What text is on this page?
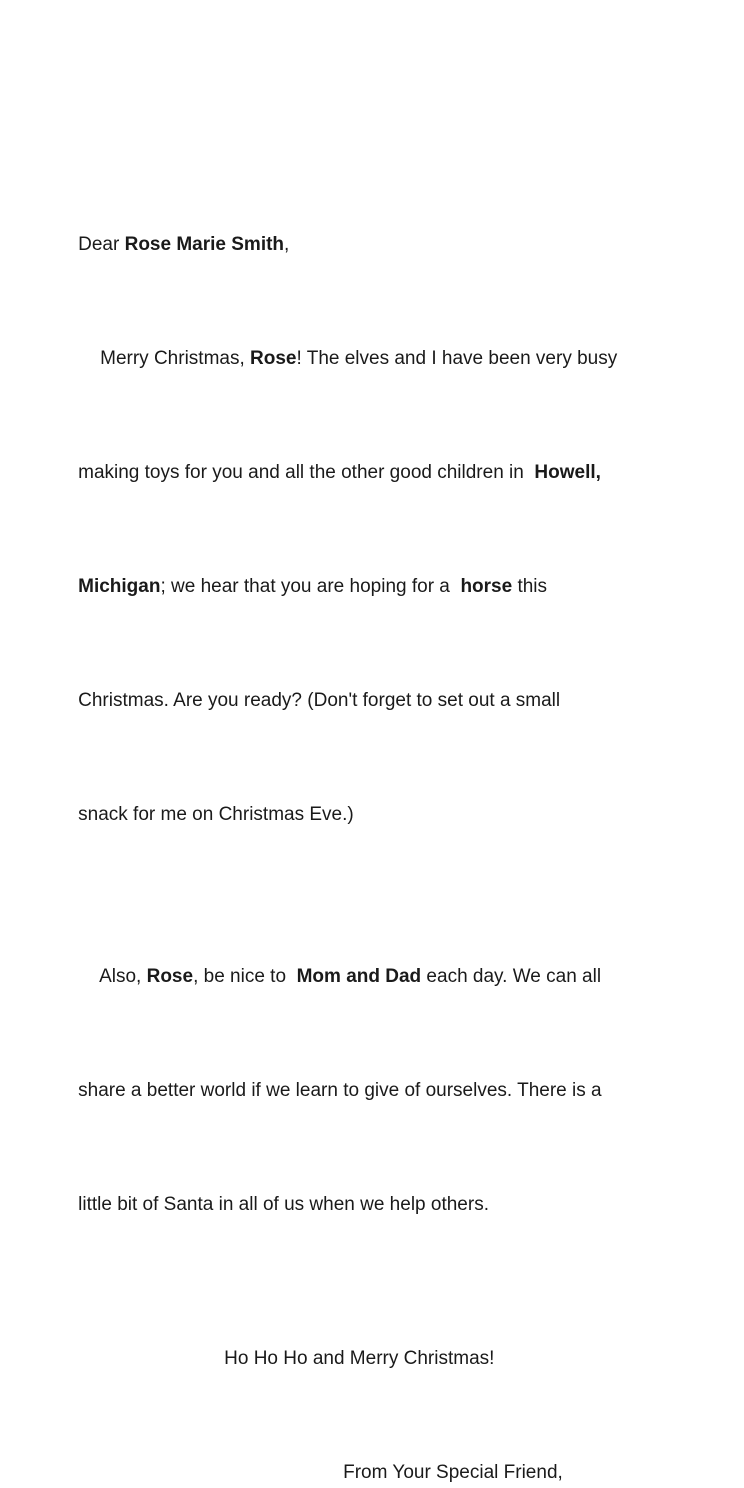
Dear Rose Marie Smith,

Merry Christmas, Rose! The elves and I have been very busy

making toys for you and all the other good children in  Howell,

Michigan; we hear that you are hoping for a  horse this

Christmas. Are you ready? (Don't forget to set out a small

snack for me on Christmas Eve.)

Also, Rose, be nice to  Mom and Dad each day. We can all

share a better world if we learn to give of ourselves. There is a

little bit of Santa in all of us when we help others.

Ho Ho Ho and Merry Christmas!

From Your Special Friend,
